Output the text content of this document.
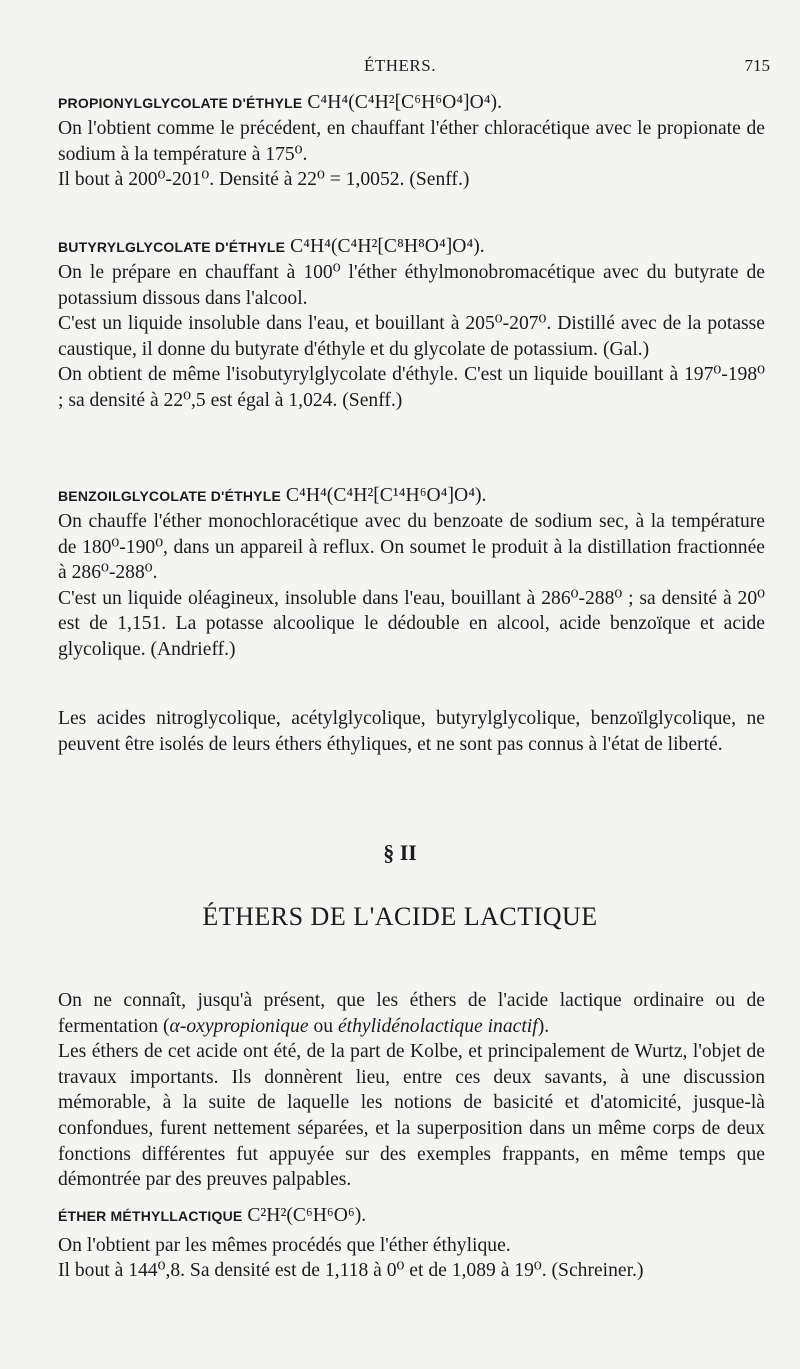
ÉTHERS.	715
PROPIONYLGLYCOLATE D'ÉTHYLE C⁴H⁴(C⁴H²[C⁶H⁶O⁴]O⁴).

On l'obtient comme le précédent, en chauffant l'éther chloracétique avec le propionate de sodium à la température à 175⁰.

Il bout à 200⁰-201⁰. Densité à 22⁰ = 1,0052. (Senff.)

BUTYRYLGLYCOLATE D'ÉTHYLE C⁴H⁴(C⁴H²[C⁸H⁸O⁴]O⁴).

On le prépare en chauffant à 100⁰ l'éther éthylmonobromacétique avec du butyrate de potassium dissous dans l'alcool.

C'est un liquide insoluble dans l'eau, et bouillant à 205⁰-207⁰. Distillé avec de la potasse caustique, il donne du butyrate d'éthyle et du glycolate de potassium. (Gal.)

On obtient de même l'isobutyrylglycolate d'éthyle. C'est un liquide bouillant à 197⁰-198⁰ ; sa densité à 22⁰,5 est égal à 1,024. (Senff.)

BENZOILGLYCOLATE D'ÉTHYLE C⁴H⁴(C⁴H²[C¹⁴H⁶O⁴]O⁴).

On chauffe l'éther monochloracétique avec du benzoate de sodium sec, à la température de 180⁰-190⁰, dans un appareil à reflux. On soumet le produit à la distillation fractionnée à 286⁰-288⁰.

C'est un liquide oléagineux, insoluble dans l'eau, bouillant à 286⁰-288⁰ ; sa densité à 20⁰ est de 1,151. La potasse alcoolique le dédouble en alcool, acide benzoïque et acide glycolique. (Andrieff.)

Les acides nitroglycolique, acétylglycolique, butyrylglycolique, benzoïlglycolique, ne peuvent être isolés de leurs éthers éthyliques, et ne sont pas connus à l'état de liberté.

§ II
ÉTHERS DE L'ACIDE LACTIQUE

On ne connaît, jusqu'à présent, que les éthers de l'acide lactique ordinaire ou de fermentation (α-oxypropionique ou éthylidénolactique inactif).

Les éthers de cet acide ont été, de la part de Kolbe, et principalement de Wurtz, l'objet de travaux importants. Ils donnèrent lieu, entre ces deux savants, à une discussion mémorable, à la suite de laquelle les notions de basicité et d'atomicité, jusque-là confondues, furent nettement séparées, et la superposition dans un même corps de deux fonctions différentes fut appuyée sur des exemples frappants, en même temps que démontrée par des preuves palpables.

ÉTHER MÉTHYLLACTIQUE C²H²(C⁶H⁶O⁶).

On l'obtient par les mêmes procédés que l'éther éthylique.

Il bout à 144⁰,8. Sa densité est de 1,118 à 0⁰ et de 1,089 à 19⁰. (Schreiner.)
